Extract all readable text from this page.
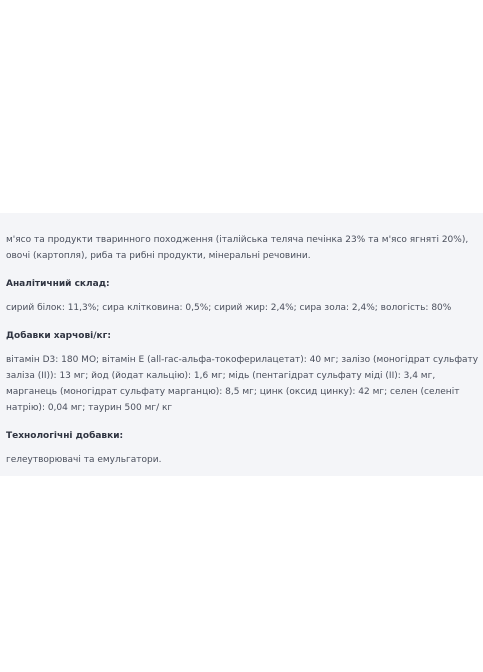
м'ясо та продукти тваринного походження (італійська теляча печінка 23% та м'ясо ягняті 20%), овочі (картопля), риба та рибні продукти, мінеральні речовини.

Аналітичний склад:

сирий білок: 11,3%; сира клітковина: 0,5%; сирий жир: 2,4%; сира зола: 2,4%; вологість: 80%

Добавки харчові/кг:

вітамін D3: 180 МО; вітамін Е (all-rac-альфа-токоферилацетат): 40 мг; залізо (моногідрат сульфату заліза (II)): 13 мг; йод (йодат кальцію): 1,6 мг; мідь (пентагідрат сульфату міді (II): 3,4 мг, марганець (моногідрат сульфату марганцю): 8,5 мг; цинк (оксид цинку): 42 мг; селен (селеніт натрію): 0,04 мг; таурин 500 мг/ кг

Технологічні добавки:

гелеутворювачі та емульгатори.
